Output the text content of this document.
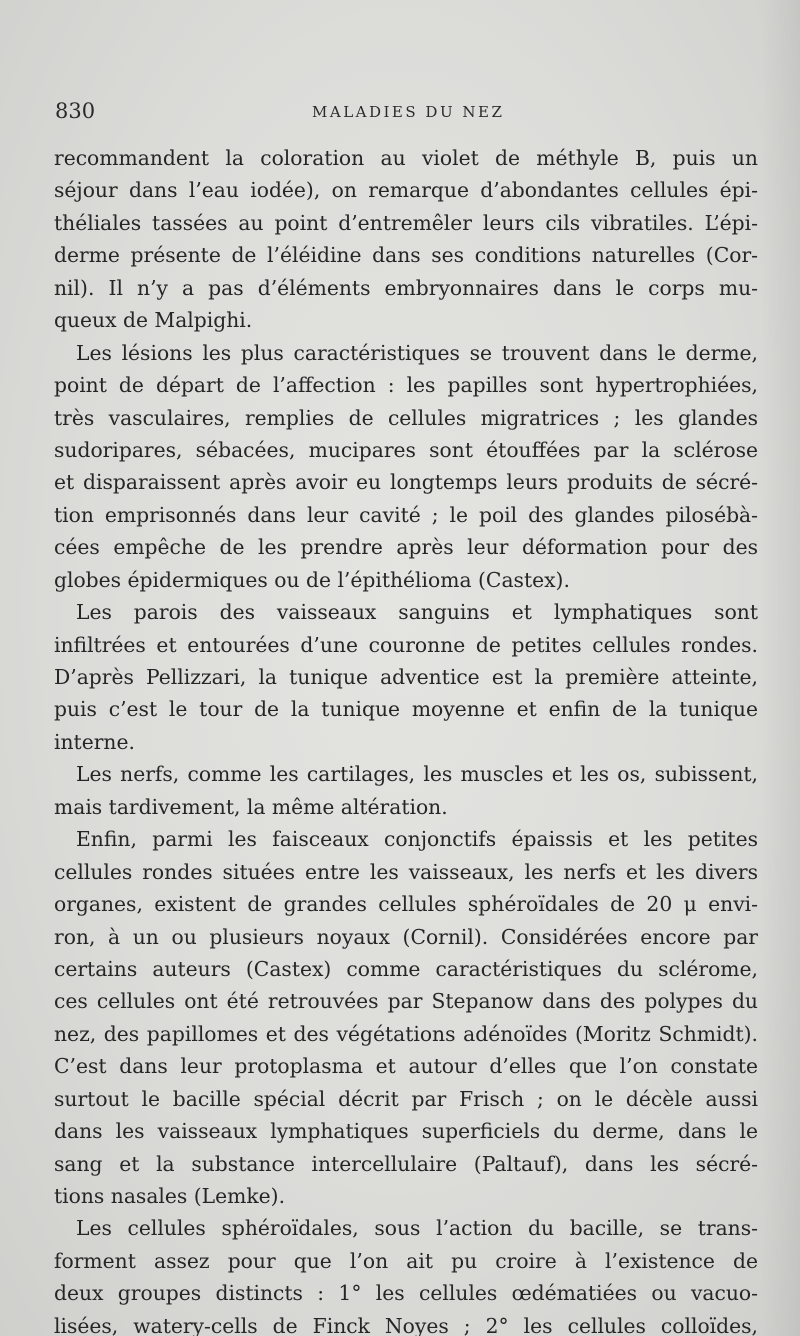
830	MALADIES DU NEZ
recommandent la coloration au violet de méthyle B, puis un
séjour dans l’eau iodée), on remarque d’abondantes cellules épi-
théliales tassées au point d’entremêler leurs cils vibratiles. L’épi-
derme présente de l’éléidine dans ses conditions naturelles (Cor-
nil). Il n’y a pas d’éléments embryonnaires dans le corps mu-
queux de Malpighi.
Les lésions les plus caractéristiques se trouvent dans le derme,
point de départ de l’affection : les papilles sont hypertrophiées,
très vasculaires, remplies de cellules migratrices ; les glandes
sudoripares, sébacées, mucipares sont étouffées par la sclérose
et disparaissent après avoir eu longtemps leurs produits de sécré-
tion emprisonnés dans leur cavité ; le poil des glandes pilosébà-
cées empêche de les prendre après leur déformation pour des
globes épidermiques ou de l’épithélioma (Castex).
Les parois des vaisseaux sanguins et lymphatiques sont
infiltrées et entourées d’une couronne de petites cellules rondes.
D’après Pellizzari, la tunique adventice est la première atteinte,
puis c’est le tour de la tunique moyenne et enfin de la tunique
interne.
Les nerfs, comme les cartilages, les muscles et les os, subissent,
mais tardivement, la même altération.
Enfin, parmi les faisceaux conjonctifs épaissis et les petites
cellules rondes situées entre les vaisseaux, les nerfs et les divers
organes, existent de grandes cellules sphéroïdales de 20 μ envi-
ron, à un ou plusieurs noyaux (Cornil). Considérées encore par
certains auteurs (Castex) comme caractéristiques du sclérome,
ces cellules ont été retrouvées par Stepanow dans des polypes du
nez, des papillomes et des végétations adénoïdes (Moritz Schmidt).
C’est dans leur protoplasma et autour d’elles que l’on constate
surtout le bacille spécial décrit par Frisch ; on le décèle aussi
dans les vaisseaux lymphatiques superficiels du derme, dans le
sang et la substance intercellulaire (Paltauf), dans les sécré-
tions nasales (Lemke).
Les cellules sphéroïdales, sous l’action du bacille, se trans-
forment assez pour que l’on ait pu croire à l’existence de
deux groupes distincts : 1° les cellules œdématiées ou vacuo-
lisées, watery-cells de Finck Noyes ; 2° les cellules colloïdes,
